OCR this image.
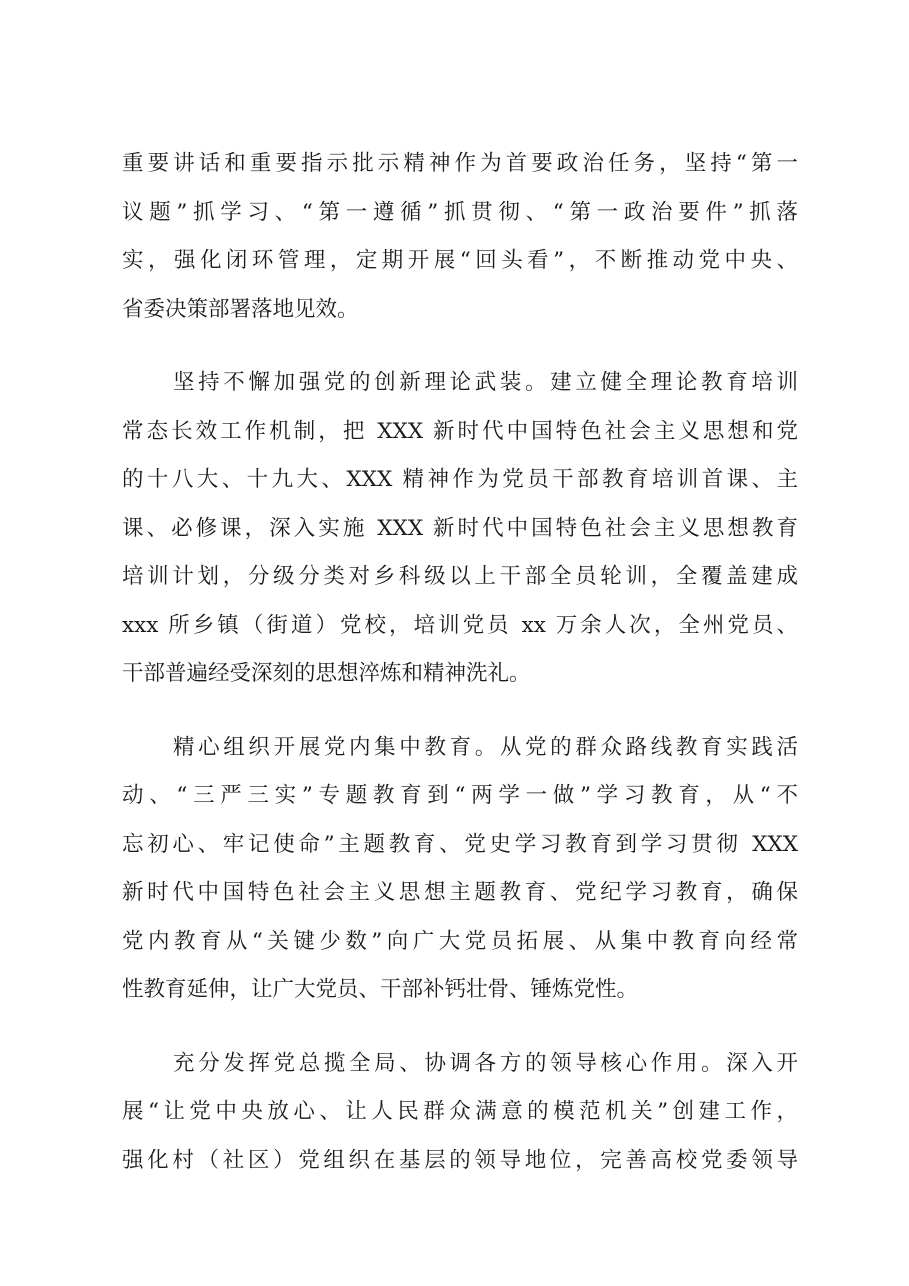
重要讲话和重要指示批示精神作为首要政治任务，坚持“第一
议题”抓学习、“第一遵循”抓贯彻、“第一政治要件”抓落
实，强化闭环管理，定期开展“回头看”，不断推动党中央、
省委决策部署落地见效。
坚持不懈加强党的创新理论武装。建立健全理论教育培训
常态长效工作机制，把 XXX 新时代中国特色社会主义思想和党
的十八大、十九大、XXX 精神作为党员干部教育培训首课、主
课、必修课，深入实施 XXX 新时代中国特色社会主义思想教育
培训计划，分级分类对乡科级以上干部全员轮训，全覆盖建成
xxx 所乡镇（街道）党校，培训党员 xx 万余人次，全州党员、
干部普遍经受深刻的思想淬炼和精神洗礼。
精心组织开展党内集中教育。从党的群众路线教育实践活
动、“三严三实”专题教育到“两学一做”学习教育，从“不
忘初心、牢记使命”主题教育、党史学习教育到学习贯彻 XXX
新时代中国特色社会主义思想主题教育、党纪学习教育，确保
党内教育从“关键少数”向广大党员拓展、从集中教育向经常
性教育延伸，让广大党员、干部补钙壮骨、锤炼党性。
充分发挥党总揽全局、协调各方的领导核心作用。深入开
展“让党中央放心、让人民群众满意的模范机关”创建工作，
强化村（社区）党组织在基层的领导地位，完善高校党委领导
